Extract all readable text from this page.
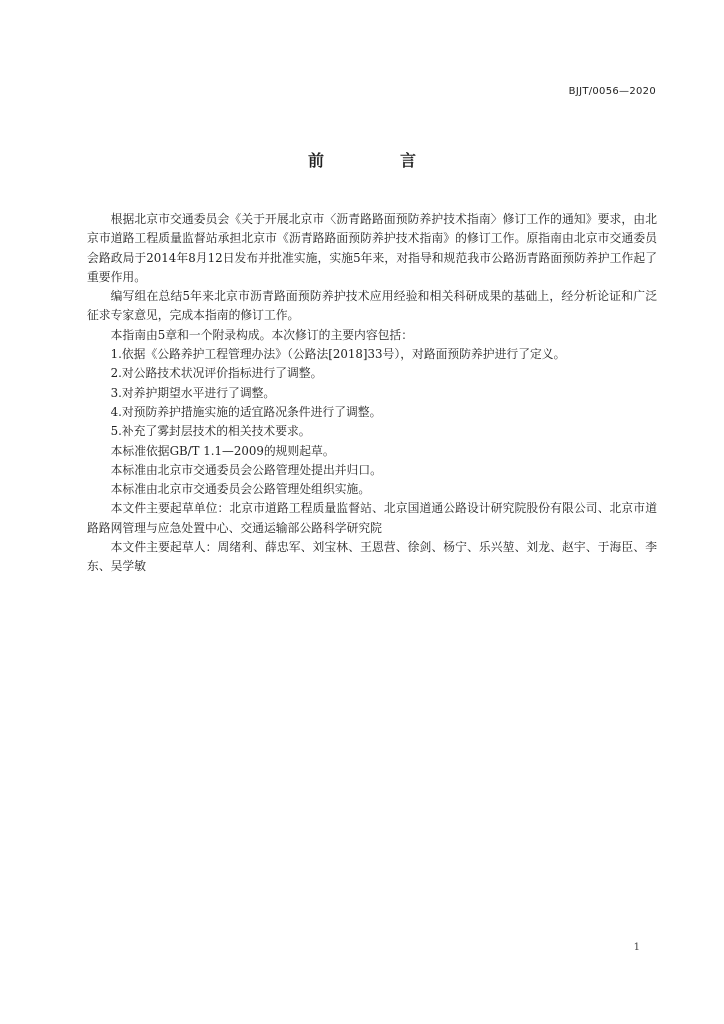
BJJT/0056—2020
前　言

根据北京市交通委员会《关于开展北京市〈沥青路路面预防养护技术指南〉修订工作的通知》要求，由北京市道路工程质量监督站承担北京市《沥青路路面预防养护技术指南》的修订工作。原指南由北京市交通委员会路政局于2014年8月12日发布并批准实施，实施5年来，对指导和规范我市公路沥青路面预防养护工作起了重要作用。

编写组在总结5年来北京市沥青路面预防养护技术应用经验和相关科研成果的基础上，经分析论证和广泛征求专家意见，完成本指南的修订工作。

本指南由5章和一个附录构成。本次修订的主要内容包括：

1.依据《公路养护工程管理办法》（公路法[2018]33号），对路面预防养护进行了定义。

2.对公路技术状况评价指标进行了调整。

3.对养护期望水平进行了调整。

4.对预防养护措施实施的适宜路况条件进行了调整。

5.补充了雾封层技术的相关技术要求。

本标准依据GB/T 1.1—2009的规则起草。

本标准由北京市交通委员会公路管理处提出并归口。

本标准由北京市交通委员会公路管理处组织实施。

本文件主要起草单位：北京市道路工程质量监督站、北京国道通公路设计研究院股份有限公司、北京市道路路网管理与应急处置中心、交通运输部公路科学研究院

本文件主要起草人：周绪利、薛忠军、刘宝林、王恩营、徐剑、杨宁、乐兴堃、刘龙、赵宇、于海臣、李东、吴学敏

1
